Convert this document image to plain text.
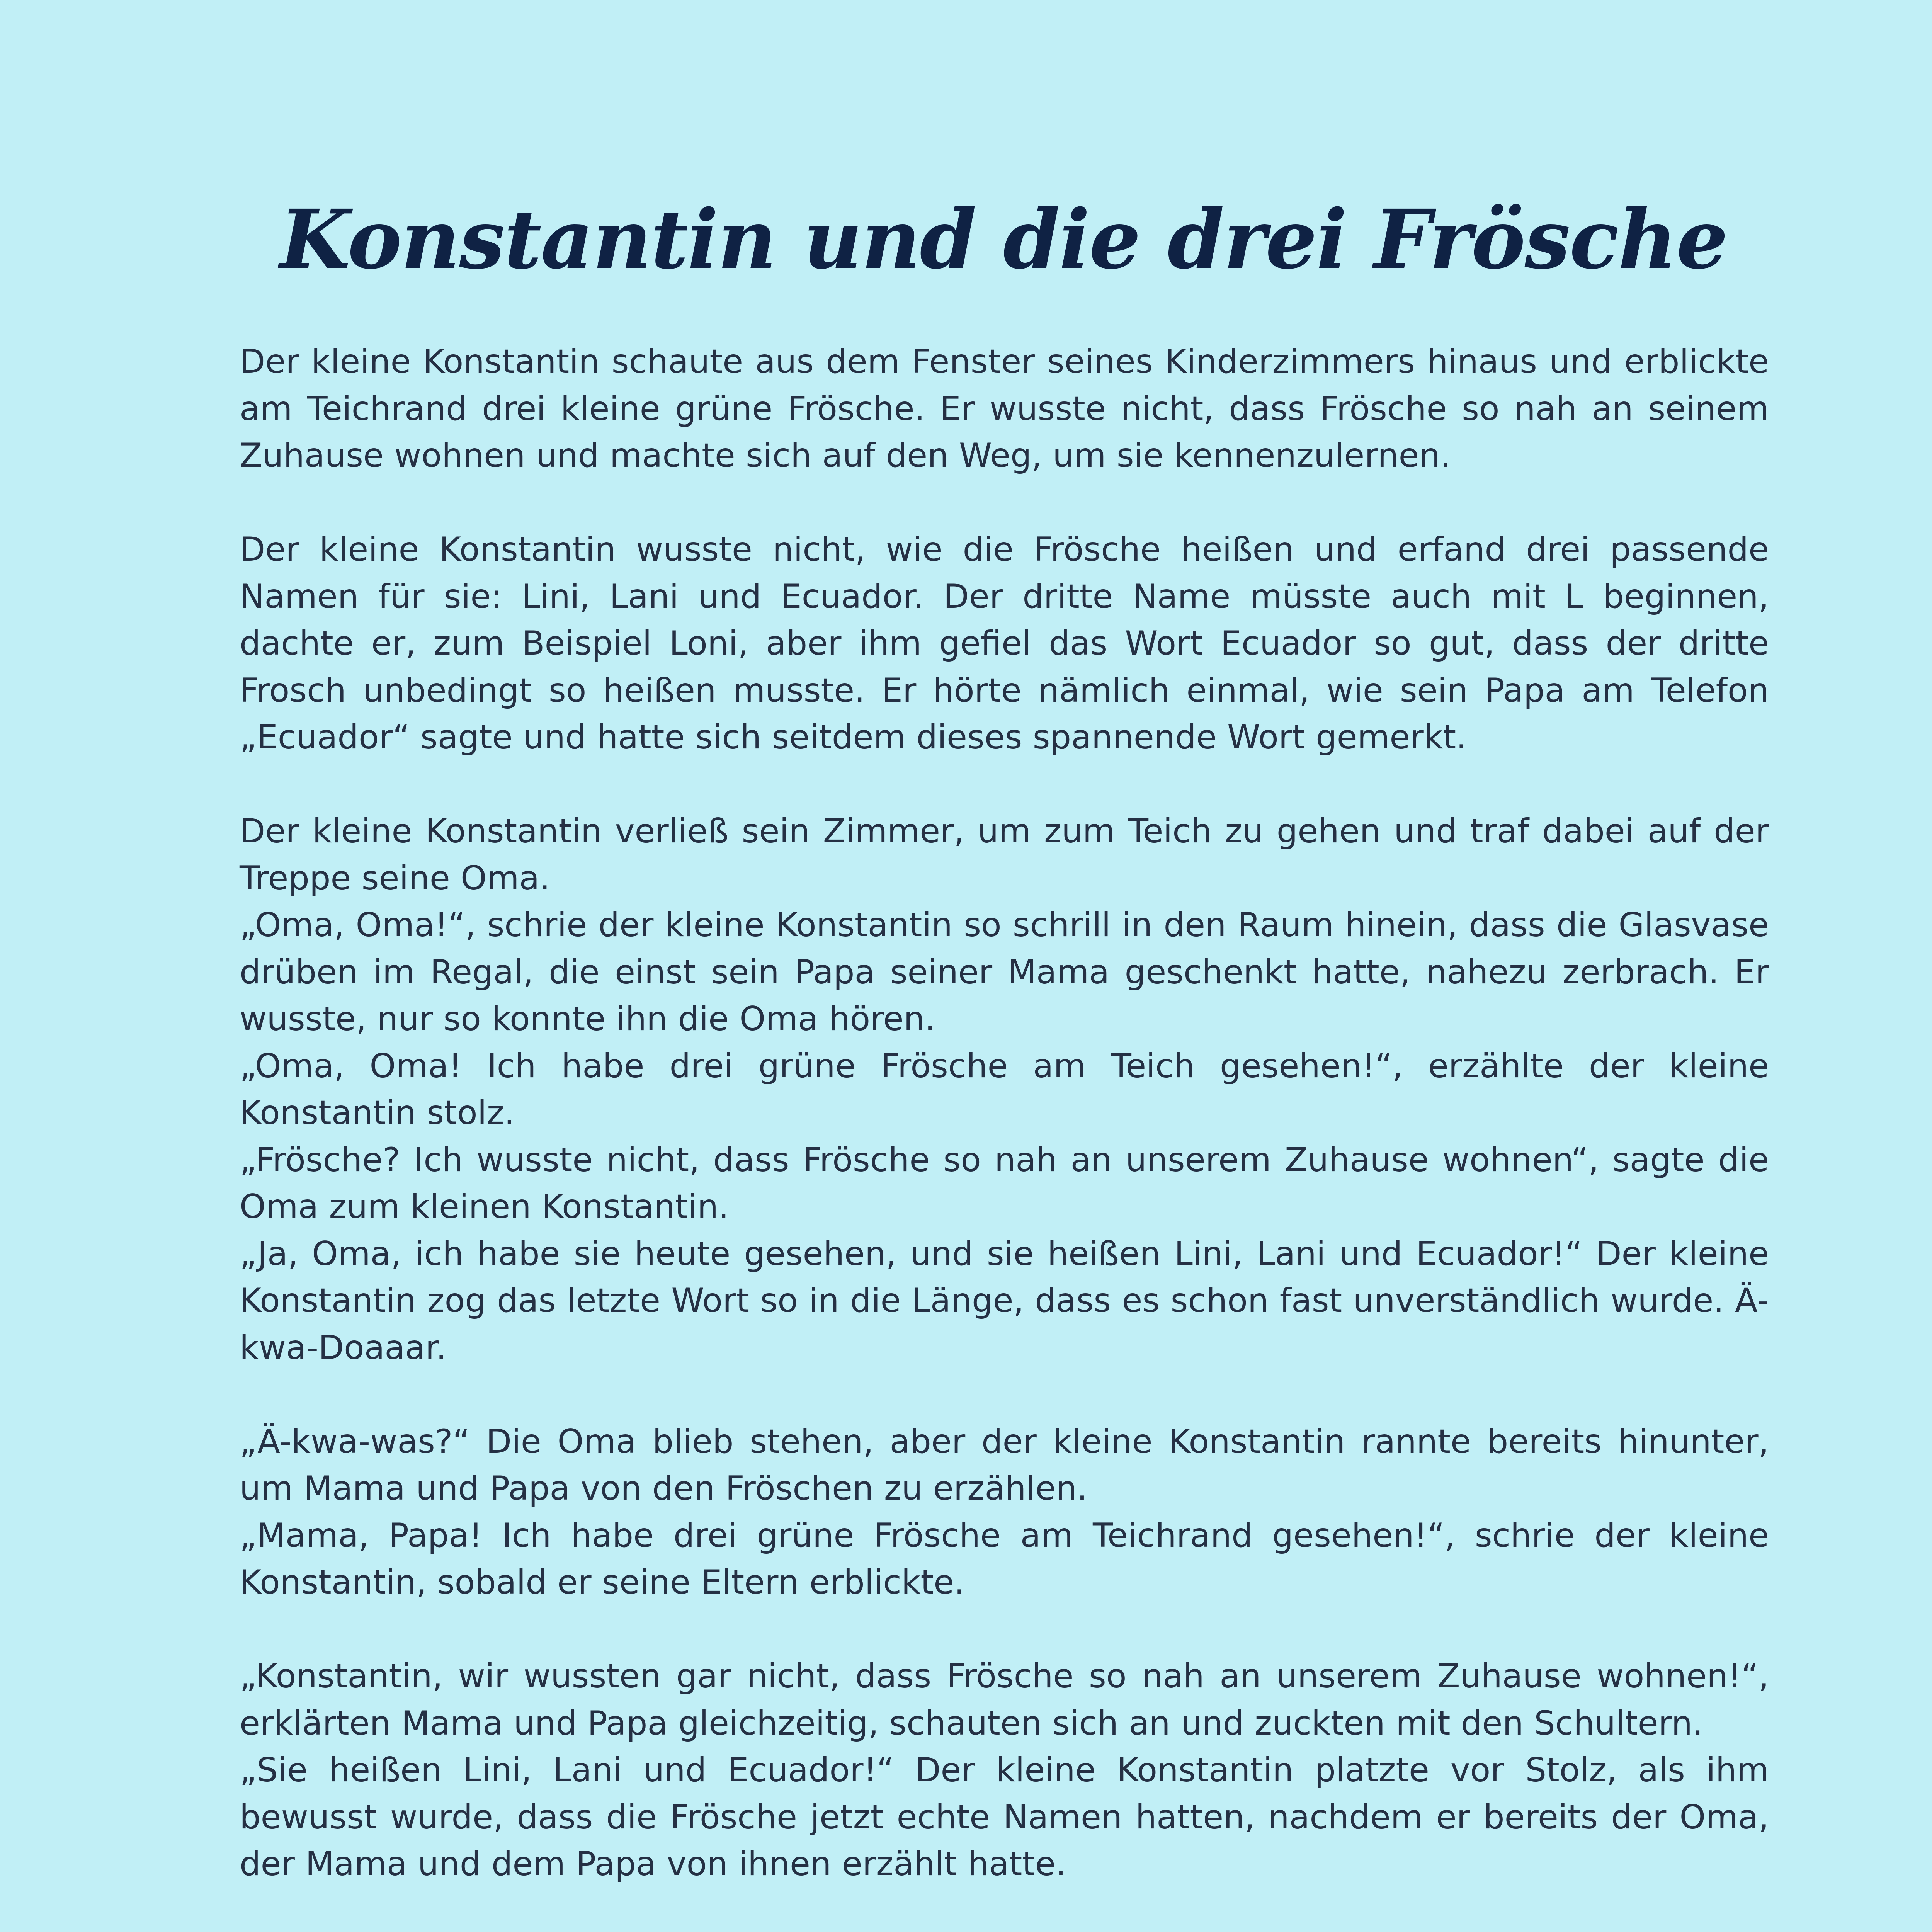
Konstantin und die drei Frösche
Der kleine Konstantin schaute aus dem Fenster seines Kinderzimmers hinaus und erblickte am Teichrand drei kleine grüne Frösche. Er wusste nicht, dass Frösche so nah an seinem Zuhause wohnen und machte sich auf den Weg, um sie kennenzulernen.
Der kleine Konstantin wusste nicht, wie die Frösche heißen und erfand drei passende Namen für sie: Lini, Lani und Ecuador. Der dritte Name müsste auch mit L beginnen, dachte er, zum Beispiel Loni, aber ihm gefiel das Wort Ecuador so gut, dass der dritte Frosch unbedingt so heißen musste. Er hörte nämlich einmal, wie sein Papa am Telefon „Ecuador“ sagte und hatte sich seitdem dieses spannende Wort gemerkt.
Der kleine Konstantin verließ sein Zimmer, um zum Teich zu gehen und traf dabei auf der Treppe seine Oma.
„Oma, Oma!“, schrie der kleine Konstantin so schrill in den Raum hinein, dass die Glasvase drüben im Regal, die einst sein Papa seiner Mama geschenkt hatte, nahezu zerbrach. Er wusste, nur so konnte ihn die Oma hören.
„Oma, Oma! Ich habe drei grüne Frösche am Teich gesehen!“, erzählte der kleine Konstantin stolz.
„Frösche? Ich wusste nicht, dass Frösche so nah an unserem Zuhause wohnen“, sagte die Oma zum kleinen Konstantin.
„Ja, Oma, ich habe sie heute gesehen, und sie heißen Lini, Lani und Ecuador!“ Der kleine Konstantin zog das letzte Wort so in die Länge, dass es schon fast unverständlich wurde. Ä-kwa-Doaaar.
„Ä-kwa-was?“ Die Oma blieb stehen, aber der kleine Konstantin rannte bereits hinunter, um Mama und Papa von den Fröschen zu erzählen.
„Mama, Papa! Ich habe drei grüne Frösche am Teichrand gesehen!“, schrie der kleine Konstantin, sobald er seine Eltern erblickte.
„Konstantin, wir wussten gar nicht, dass Frösche so nah an unserem Zuhause wohnen!“, erklärten Mama und Papa gleichzeitig, schauten sich an und zuckten mit den Schultern.
„Sie heißen Lini, Lani und Ecuador!“ Der kleine Konstantin platzte vor Stolz, als ihm bewusst wurde, dass die Frösche jetzt echte Namen hatten, nachdem er bereits der Oma, der Mama und dem Papa von ihnen erzählt hatte.
